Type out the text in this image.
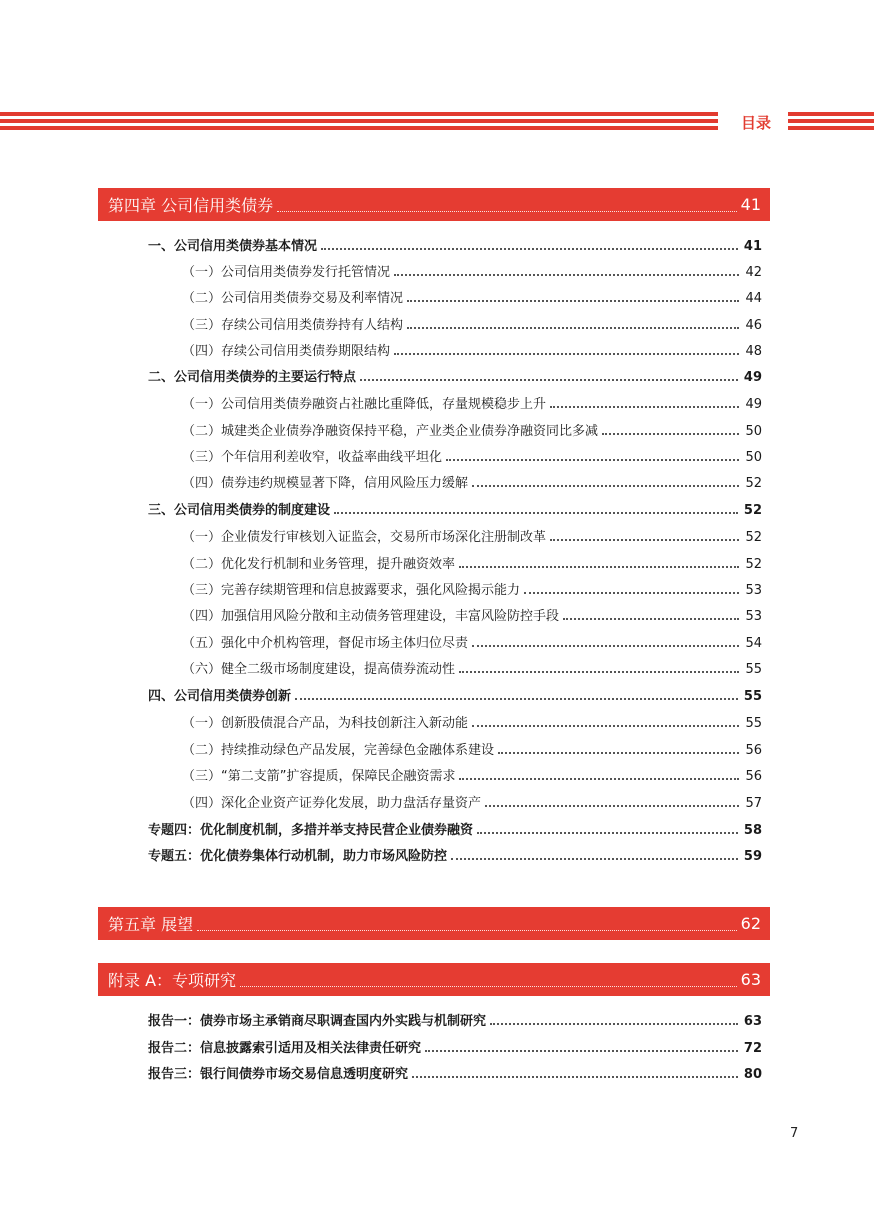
目录
第四章 公司信用类债券	41
一、公司信用类债券基本情况	41
（一）公司信用类债券发行托管情况	42
（二）公司信用类债券交易及利率情况	44
（三）存续公司信用类债券持有人结构	46
（四）存续公司信用类债券期限结构	48
二、公司信用类债券的主要运行特点	49
（一）公司信用类债券融资占社融比重降低，存量规模稳步上升	49
（二）城建类企业债券净融资保持平稳，产业类企业债券净融资同比多减	50
（三）个年信用利差收窄，收益率曲线平坦化	50
（四）债券违约规模显著下降，信用风险压力缓解	52
三、公司信用类债券的制度建设	52
（一）企业债发行审核划入证监会，交易所市场深化注册制改革	52
（二）优化发行机制和业务管理，提升融资效率	52
（三）完善存续期管理和信息披露要求，强化风险揭示能力	53
（四）加强信用风险分散和主动债务管理建设，丰富风险防控手段	53
（五）强化中介机构管理，督促市场主体归位尽责	54
（六）健全二级市场制度建设，提高债券流动性	55
四、公司信用类债券创新	55
（一）创新股债混合产品，为科技创新注入新动能	55
（二）持续推动绿色产品发展，完善绿色金融体系建设	56
（三）“第二支箭”扩容提质，保障民企融资需求	56
（四）深化企业资产证券化发展，助力盘活存量资产	57
专题四：优化制度机制，多措并举支持民营企业债券融资	58
专题五：优化债券集体行动机制，助力市场风险防控	59
第五章 展望	62
附录 A：专项研究	63
报告一：债券市场主承销商尽职调查国内外实践与机制研究	63
报告二：信息披露索引适用及相关法律责任研究	72
报告三：银行间债券市场交易信息透明度研究	80
7
